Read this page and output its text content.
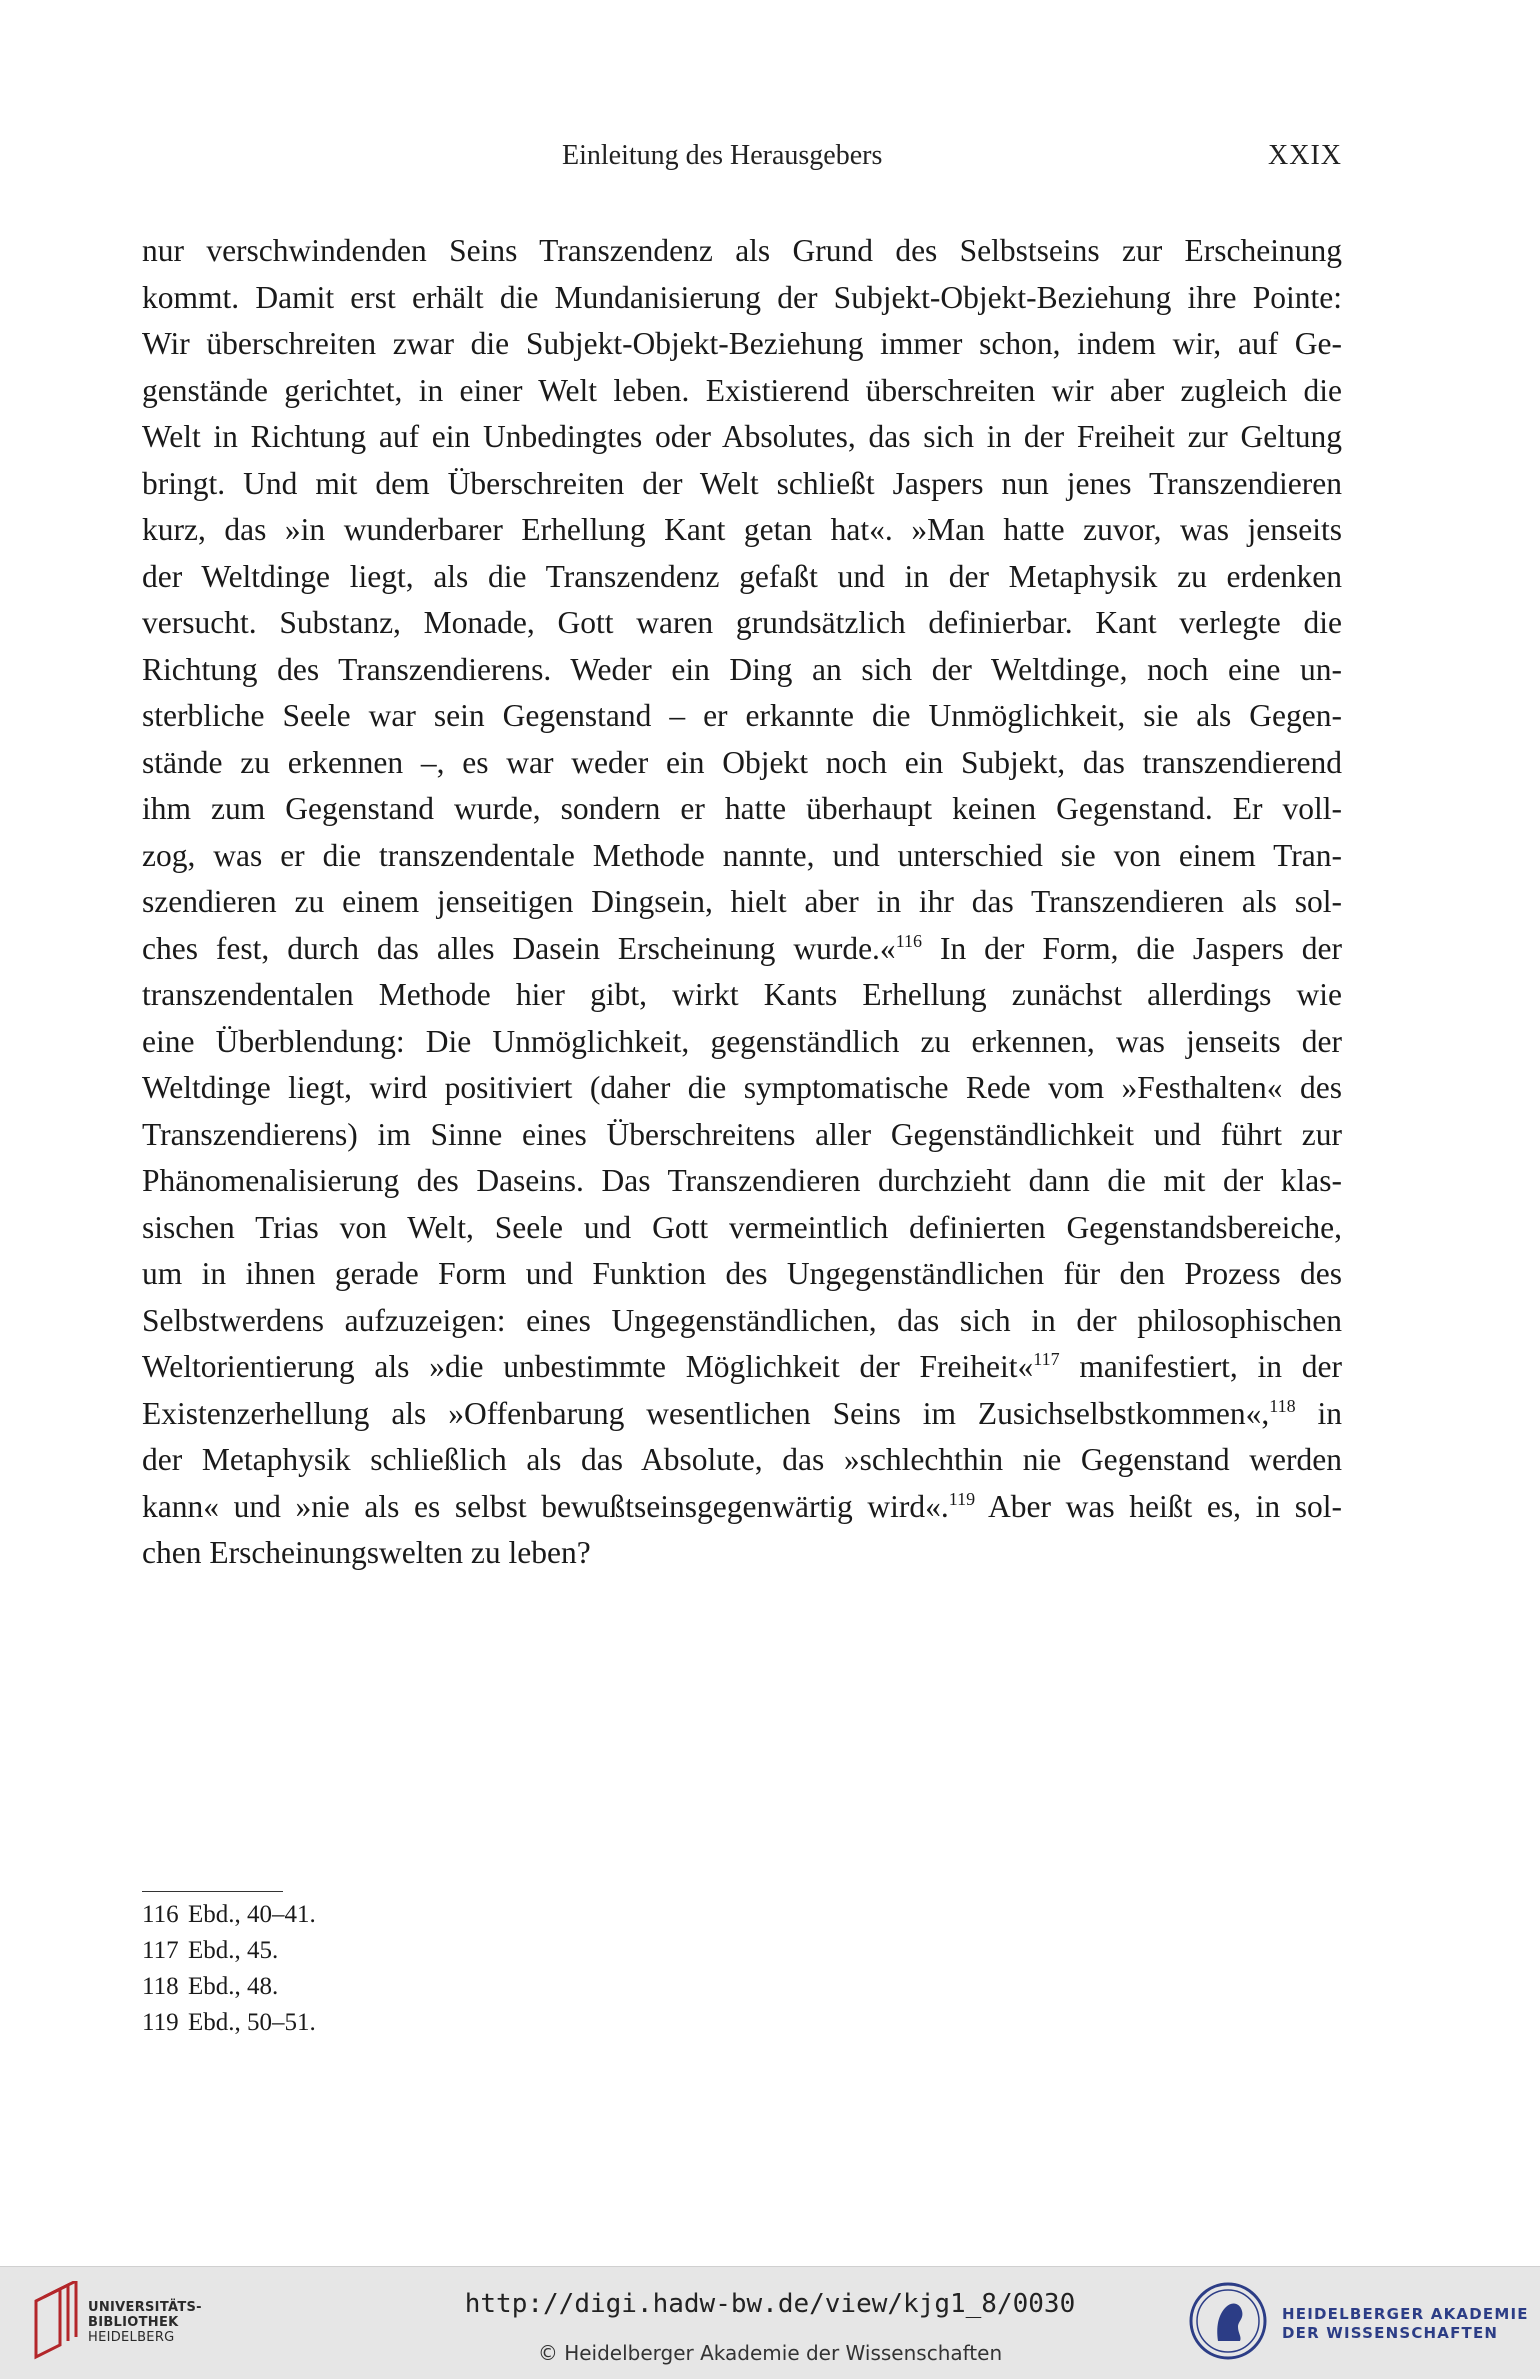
Einleitung des Herausgebers	XXIX
nur verschwindenden Seins Transzendenz als Grund des Selbstseins zur Erscheinung
kommt. Damit erst erhält die Mundanisierung der Subjekt-Objekt-Beziehung ihre Pointe:
Wir überschreiten zwar die Subjekt-Objekt-Beziehung immer schon, indem wir, auf Ge-
genstände gerichtet, in einer Welt leben. Existierend überschreiten wir aber zugleich die
Welt in Richtung auf ein Unbedingtes oder Absolutes, das sich in der Freiheit zur Geltung
bringt. Und mit dem Überschreiten der Welt schließt Jaspers nun jenes Transzendieren
kurz, das »in wunderbarer Erhellung Kant getan hat«. »Man hatte zuvor, was jenseits
der Weltdinge liegt, als die Transzendenz gefaßt und in der Metaphysik zu erdenken
versucht. Substanz, Monade, Gott waren grundsätzlich definierbar. Kant verlegte die
Richtung des Transzendierens. Weder ein Ding an sich der Weltdinge, noch eine un-
sterbliche Seele war sein Gegenstand – er erkannte die Unmöglichkeit, sie als Gegen-
stände zu erkennen –, es war weder ein Objekt noch ein Subjekt, das transzendierend
ihm zum Gegenstand wurde, sondern er hatte überhaupt keinen Gegenstand. Er voll-
zog, was er die transzendentale Methode nannte, und unterschied sie von einem Tran-
szendieren zu einem jenseitigen Dingsein, hielt aber in ihr das Transzendieren als sol-
ches fest, durch das alles Dasein Erscheinung wurde.«$^{116}$ In der Form, die Jaspers der
transzendentalen Methode hier gibt, wirkt Kants Erhellung zunächst allerdings wie
eine Überblendung: Die Unmöglichkeit, gegenständlich zu erkennen, was jenseits der
Weltdinge liegt, wird positiviert (daher die symptomatische Rede vom »Festhalten« des
Transzendierens) im Sinne eines Überschreitens aller Gegenständlichkeit und führt zur
Phänomenalisierung des Daseins. Das Transzendieren durchzieht dann die mit der klas-
sischen Trias von Welt, Seele und Gott vermeintlich definierten Gegenstandsbereiche,
um in ihnen gerade Form und Funktion des Ungegenständlichen für den Prozess des
Selbstwerdens aufzuzeigen: eines Ungegenständlichen, das sich in der philosophischen
Weltorientierung als »die unbestimmte Möglichkeit der Freiheit«$^{117}$ manifestiert, in der
Existenzerhellung als »Offenbarung wesentlichen Seins im Zusichselbstkommen«,$^{118}$ in
der Metaphysik schließlich als das Absolute, das »schlechthin nie Gegenstand werden
kann« und »nie als es selbst bewußtseinsgegenwärtig wird«.$^{119}$ Aber was heißt es, in sol-
chen Erscheinungswelten zu leben?
116 Ebd., 40–41.
117 Ebd., 45.
118 Ebd., 48.
119 Ebd., 50–51.
UNIVERSITÄTS-
BIBLIOTHEK
HEIDELBERG
http://digi.hadw-bw.de/view/kjg1_8/0030
© Heidelberger Akademie der Wissenschaften
HEIDELBERGER AKADEMIE
DER WISSENSCHAFTEN
